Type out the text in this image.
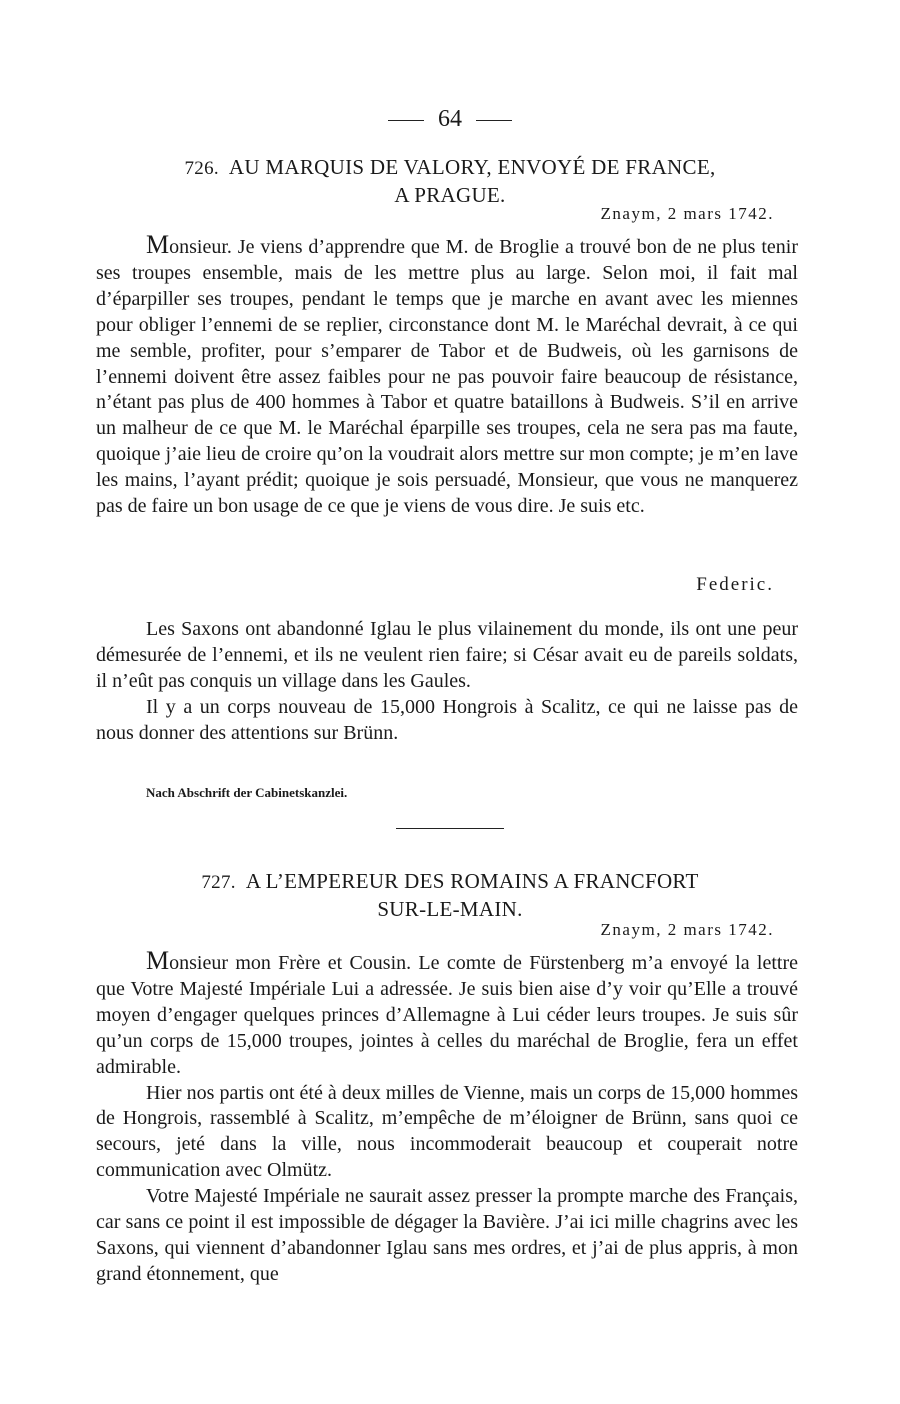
64
726. AU MARQUIS DE VALORY, ENVOYÉ DE FRANCE,
A PRAGUE.
Znaym, 2 mars 1742.

Monsieur. Je viens d’apprendre que M. de Broglie a trouvé bon de ne plus tenir ses troupes ensemble, mais de les mettre plus au large. Selon moi, il fait mal d’éparpiller ses troupes, pendant le temps que je marche en avant avec les miennes pour obliger l’ennemi de se replier, circonstance dont M. le Maréchal devrait, à ce qui me semble, profiter, pour s’emparer de Tabor et de Budweis, où les garnisons de l’ennemi doivent être assez faibles pour ne pas pouvoir faire beaucoup de résistance, n’étant pas plus de 400 hommes à Tabor et quatre bataillons à Budweis. S’il en arrive un malheur de ce que M. le Maréchal éparpille ses troupes, cela ne sera pas ma faute, quoique j’aie lieu de croire qu’on la voudrait alors mettre sur mon compte; je m’en lave les mains, l’ayant prédit; quoique je sois persuadé, Monsieur, que vous ne manquerez pas de faire un bon usage de ce que je viens de vous dire. Je suis etc.

Federic.

Les Saxons ont abandonné Iglau le plus vilainement du monde, ils ont une peur démesurée de l’ennemi, et ils ne veulent rien faire; si César avait eu de pareils soldats, il n’eût pas conquis un village dans les Gaules.

Il y a un corps nouveau de 15,000 Hongrois à Scalitz, ce qui ne laisse pas de nous donner des attentions sur Brünn.

Nach Abschrift der Cabinetskanzlei.
727. A L’EMPEREUR DES ROMAINS A FRANCFORT
SUR-LE-MAIN.
Znaym, 2 mars 1742.

Monsieur mon Frère et Cousin. Le comte de Fürstenberg m’a envoyé la lettre que Votre Majesté Impériale Lui a adressée. Je suis bien aise d’y voir qu’Elle a trouvé moyen d’engager quelques princes d’Allemagne à Lui céder leurs troupes. Je suis sûr qu’un corps de 15,000 troupes, jointes à celles du maréchal de Broglie, fera un effet admirable.

Hier nos partis ont été à deux milles de Vienne, mais un corps de 15,000 hommes de Hongrois, rassemblé à Scalitz, m’empêche de m’éloigner de Brünn, sans quoi ce secours, jeté dans la ville, nous incommoderait beaucoup et couperait notre communication avec Olmütz.

Votre Majesté Impériale ne saurait assez presser la prompte marche des Français, car sans ce point il est impossible de dégager la Bavière. J’ai ici mille chagrins avec les Saxons, qui viennent d’abandonner Iglau sans mes ordres, et j’ai de plus appris, à mon grand étonnement, que
